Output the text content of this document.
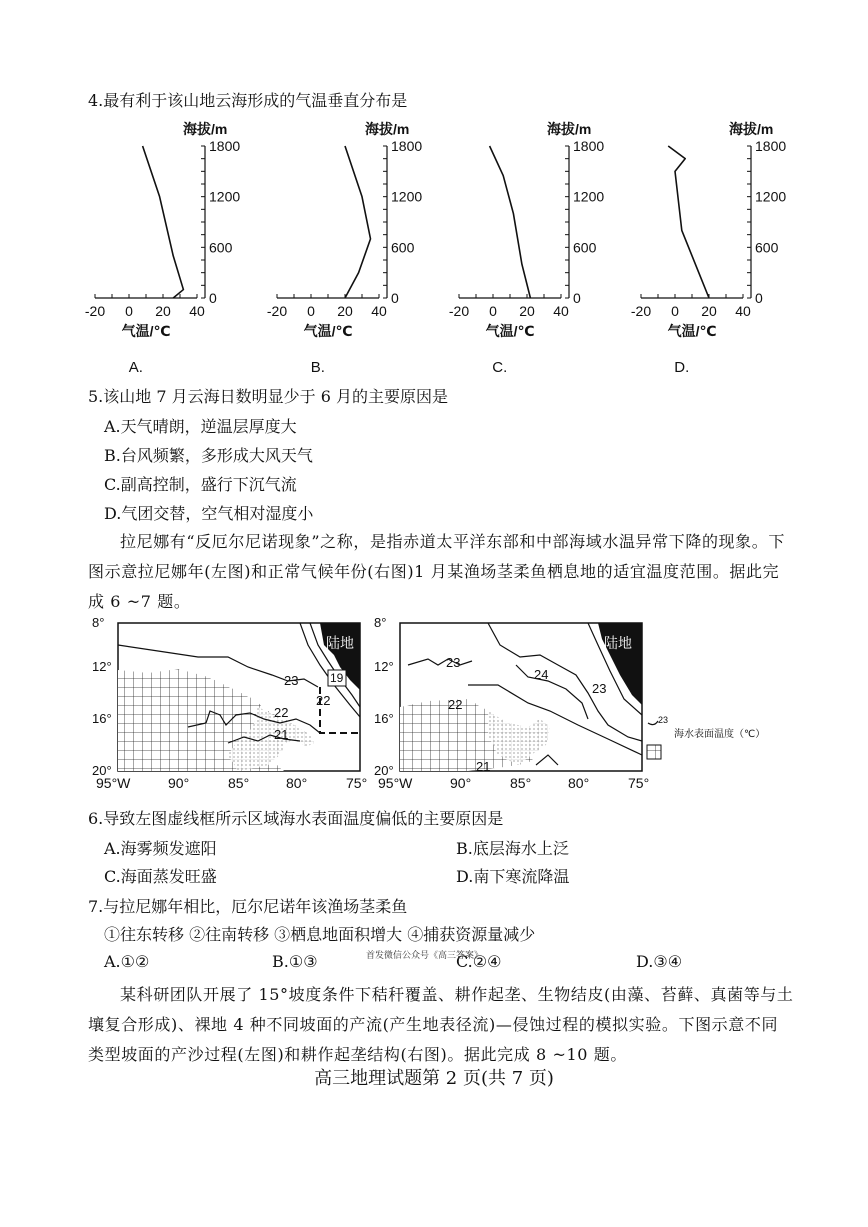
4.最有利于该山地云海形成的气温垂直分布是
1800
1200
600
0
-20 0 20 40
海拔/m
气温/℃
A.
1800
1200
600
0
-20 0 20 40
海拔/m
气温/℃
B.
1800
1200
600
0
-20 0 20 40
海拔/m
气温/℃
C.
1800
1200
600
0
-20 0 20 40
海拔/m
气温/℃
D.
5.该山地 7 月云海日数明显少于 6 月的主要原因是
A.天气晴朗，逆温层厚度大
B.台风频繁，多形成大风天气
C.副高控制，盛行下沉气流
D.气团交替，空气相对湿度小
拉尼娜有“反厄尔尼诺现象”之称，是指赤道太平洋东部和中部海域水温异常下降的现象。下图示意拉尼娜年(左图)和正常气候年份(右图)1 月某渔场茎柔鱼栖息地的适宜温度范围。据此完成 6 ~7 题。
8°
12°
16°
20°
8°
12°
16°
20°
95°W	90°	85°	80°	75° 95°W	90°	85°	80°	75°
陆地	陆地
23
22
21
22
19
23
24
23
22
21
23
海水表面温度（℃）
6.导致左图虚线框所示区域海水表面温度偏低的主要原因是
A.海雾频发遮阳	B.底层海水上泛
C.海面蒸发旺盛	D.南下寒流降温
7.与拉尼娜年相比，厄尔尼诺年该渔场茎柔鱼
①往东转移 ②往南转移 ③栖息地面积增大 ④捕获资源量减少
A.①②	B.①③	C.②④	D.③④
首发微信公众号《高三答案》
某科研团队开展了 15°坡度条件下秸秆覆盖、耕作起垄、生物结皮(由藻、苔藓、真菌等与土壤复合形成)、裸地 4 种不同坡面的产流(产生地表径流)—侵蚀过程的模拟实验。下图示意不同类型坡面的产沙过程(左图)和耕作起垄结构(右图)。据此完成 8 ~10 题。
高三地理试题第 2 页(共 7 页)
